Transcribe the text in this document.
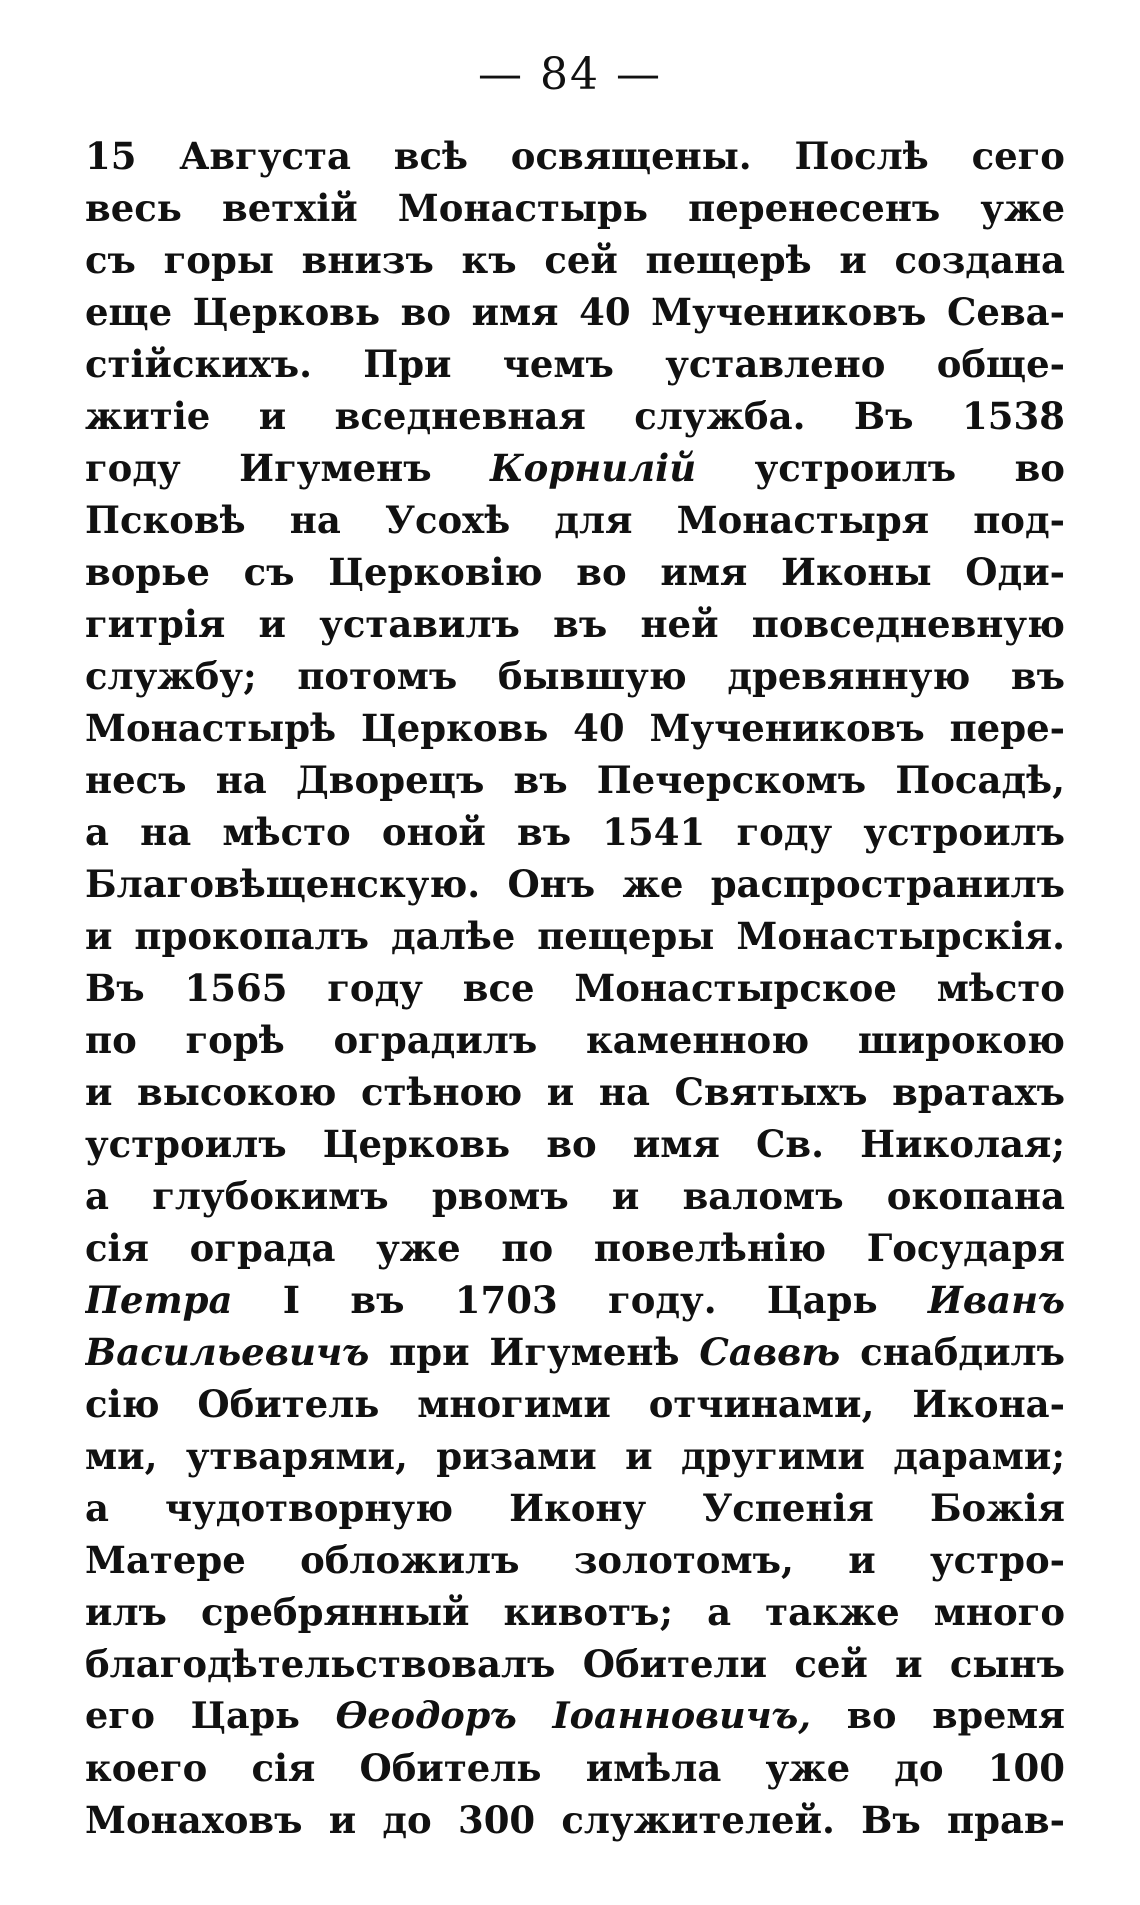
— 84 —
15 Августа всѣ освящены. Послѣ сего
весь ветхій Монастырь перенесенъ уже
съ горы внизъ къ сей пещерѣ и создана
еще Церковь во имя 40 Мучениковъ Сева-
стійскихъ. При чемъ уставлено обще-
житіе и вседневная служба. Въ 1538
году Игуменъ Корнилій устроилъ во
Псковѣ на Усохѣ для Монастыря под-
ворье съ Церковію во имя Иконы Оди-
гитрія и уставилъ въ ней повседневную
службу; потомъ бывшую древянную въ
Монастырѣ Церковь 40 Мучениковъ пере-
несъ на Дворецъ въ Печерскомъ Посадѣ,
а на мѣсто оной въ 1541 году устроилъ
Благовѣщенскую. Онъ же распространилъ
и прокопалъ далѣе пещеры Монастырскія.
Въ 1565 году все Монастырское мѣсто
по горѣ оградилъ каменною широкою
и высокою стѣною и на Святыхъ вратахъ
устроилъ Церковь во имя Св. Николая;
а глубокимъ рвомъ и валомъ окопана
сія ограда уже по повелѣнію Государя
Петра I въ 1703 году. Царь Иванъ
Васильевичъ при Игуменѣ Саввѣ снабдилъ
сію Обитель многими отчинами, Икона-
ми, утварями, ризами и другими дарами;
а чудотворную Икону Успенія Божія
Матере обложилъ золотомъ, и устро-
илъ сребрянный кивотъ; а также много
благодѣтельствовалъ Обители сей и сынъ
его Царь Ѳеодоръ Іоанновичъ, во время
коего сія Обитель имѣла уже до 100
Монаховъ и до 300 служителей. Въ прав-
